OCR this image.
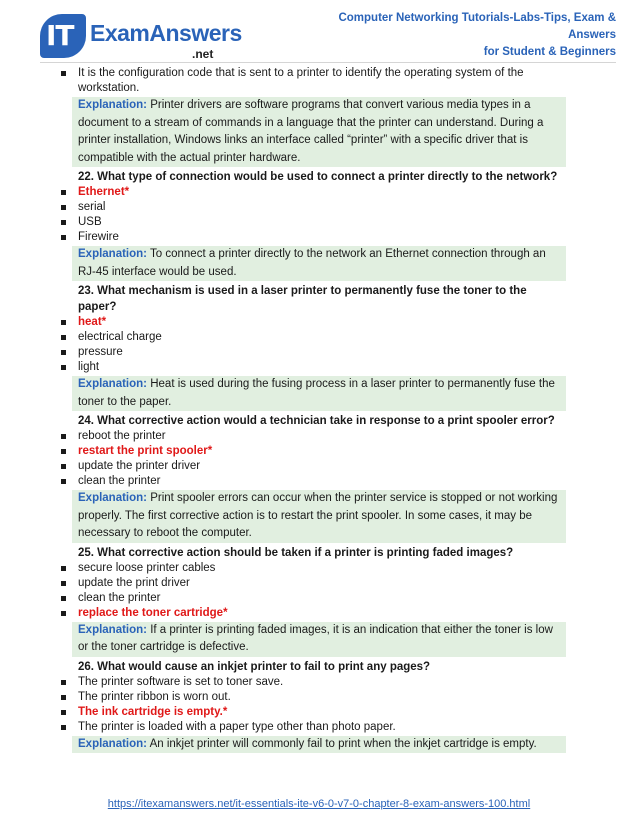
IT ExamAnswers
.net
Computer Networking Tutorials-Labs-Tips, Exam & Answers
for Student & Beginners
It is the configuration code that is sent to a printer to identify the operating system of the workstation.
Explanation: Printer drivers are software programs that convert various media types in a document to a stream of commands in a language that the printer can understand. During a printer installation, Windows links an interface called “printer” with a specific driver that is compatible with the actual printer hardware.
22. What type of connection would be used to connect a printer directly to the network?
Ethernet*
serial
USB
Firewire
Explanation: To connect a printer directly to the network an Ethernet connection through an RJ-45 interface would be used.
23. What mechanism is used in a laser printer to permanently fuse the toner to the paper?
heat*
electrical charge
pressure
light
Explanation: Heat is used during the fusing process in a laser printer to permanently fuse the toner to the paper.
24. What corrective action would a technician take in response to a print spooler error?
reboot the printer
restart the print spooler*
update the printer driver
clean the printer
Explanation: Print spooler errors can occur when the printer service is stopped or not working properly. The first corrective action is to restart the print spooler. In some cases, it may be necessary to reboot the computer.
25. What corrective action should be taken if a printer is printing faded images?
secure loose printer cables
update the print driver
clean the printer
replace the toner cartridge*
Explanation: If a printer is printing faded images, it is an indication that either the toner is low or the toner cartridge is defective.
26. What would cause an inkjet printer to fail to print any pages?
The printer software is set to toner save.
The printer ribbon is worn out.
The ink cartridge is empty.*
The printer is loaded with a paper type other than photo paper.
Explanation: An inkjet printer will commonly fail to print when the inkjet cartridge is empty.
https://itexamanswers.net/it-essentials-ite-v6-0-v7-0-chapter-8-exam-answers-100.html
